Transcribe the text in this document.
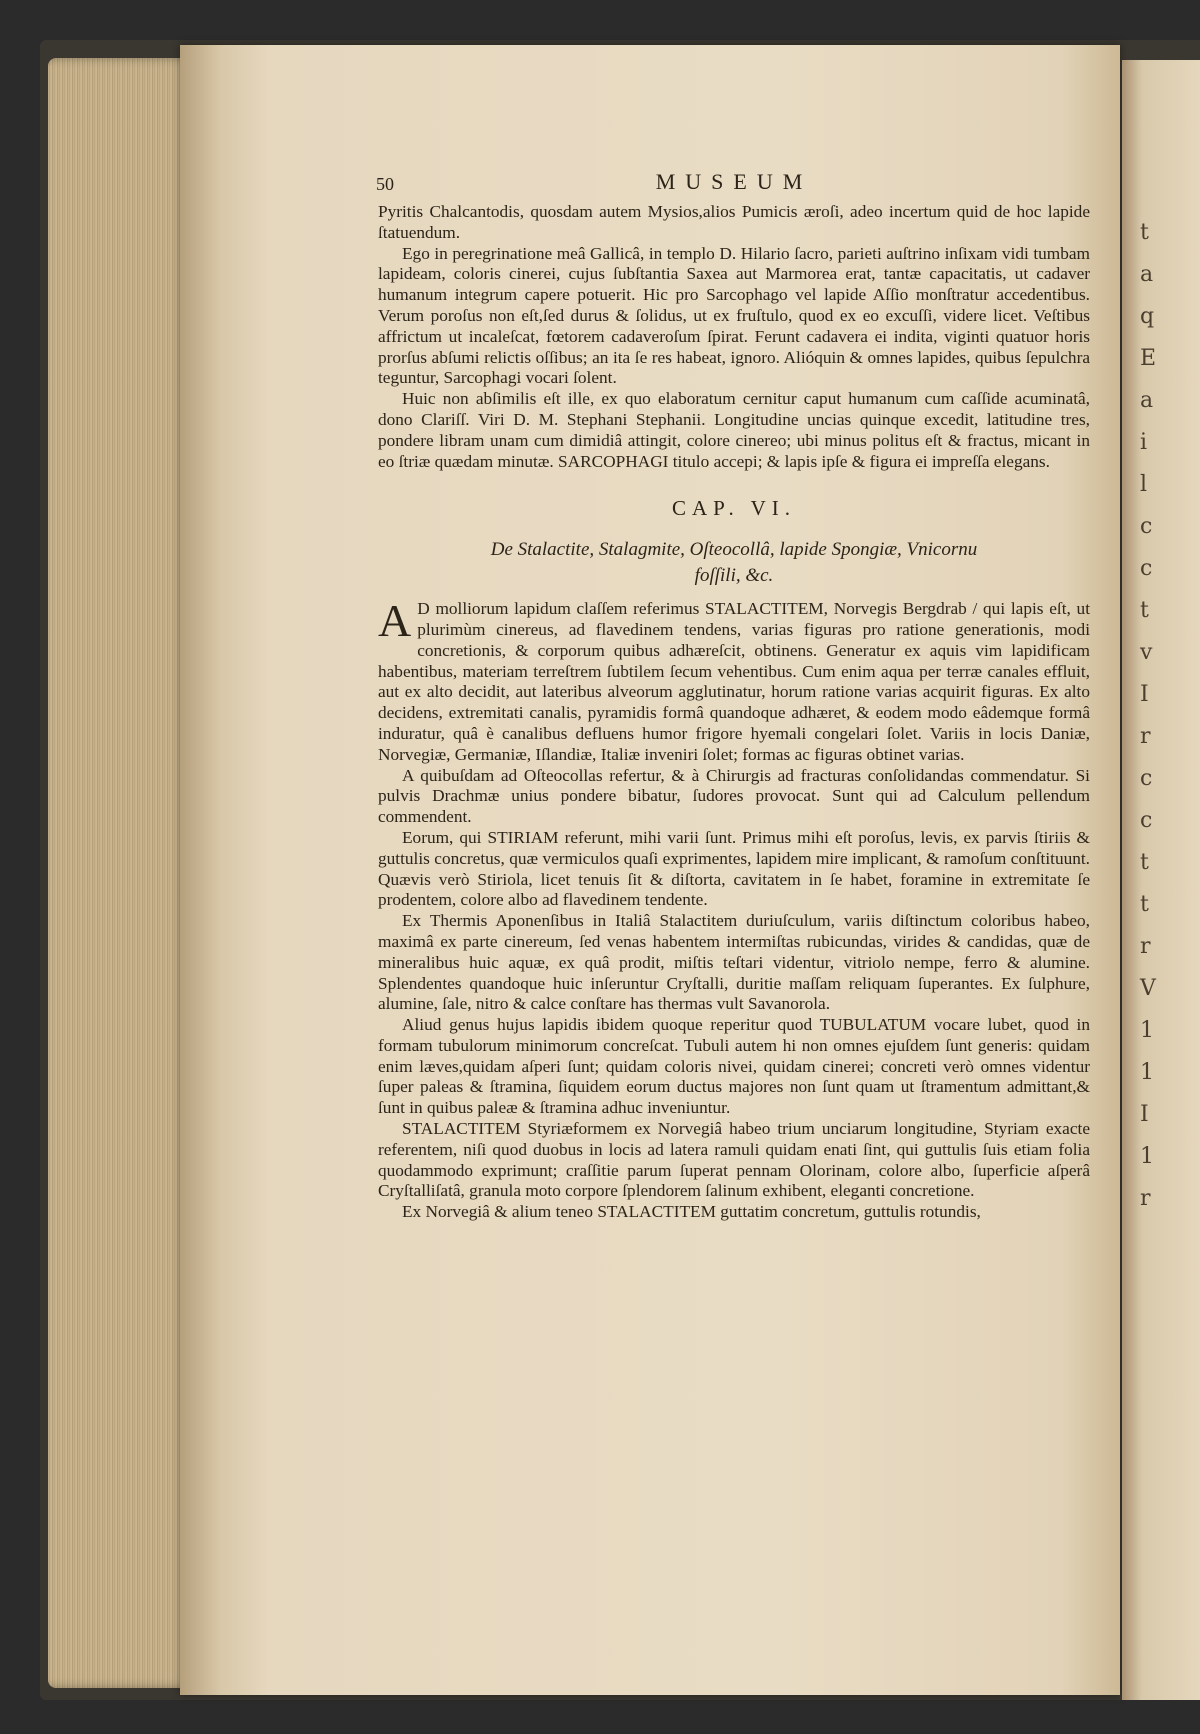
t
a
q
E
a
i
l
c
c
t
v
I
r
c
c
t
t
r
V
1
1
I
1
r
50	MUSEUM

Pyritis Chalcantodis, quosdam autem Mysios,alios Pumicis æroſi, adeo incertum quid de hoc lapide ſtatuendum.

Ego in peregrinatione meâ Gallicâ, in templo D. Hilario ſacro, parieti auſtrino inſixam vidi tumbam lapideam, coloris cinerei, cujus ſubſtantia Saxea aut Marmorea erat, tantæ capacitatis, ut cadaver humanum integrum capere potuerit. Hic pro Sarcophago vel lapide Aſſio monſtratur accedentibus. Verum poroſus non eſt,ſed durus & ſolidus, ut ex fruſtulo, quod ex eo excuſſi, videre licet. Veſtibus affrictum ut incaleſcat, fœtorem cadaveroſum ſpirat. Ferunt cadavera ei indita, viginti quatuor horis prorſus abſumi relictis oſſibus; an ita ſe res habeat, ignoro. Alióquin & omnes lapides, quibus ſepulchra teguntur, Sarcophagi vocari ſolent.

Huic non abſimilis eſt ille, ex quo elaboratum cernitur caput humanum cum caſſide acuminatâ, dono Clariſſ. Viri D. M. Stephani Stephanii. Longitudine uncias quinque excedit, latitudine tres, pondere libram unam cum dimidiâ attingit, colore cinereo; ubi minus politus eſt & fractus, micant in eo ſtriæ quædam minutæ. SARCOPHAGI titulo accepi; & lapis ipſe & figura ei impreſſa elegans.

CAP. VI.
De Stalactite, Stalagmite, Oſteocollâ, lapide Spongiæ, Vnicornu
foſſili, &c.

A D molliorum lapidum claſſem referimus STALACTITEM, Norvegis Bergdrab / qui lapis eſt, ut plurimùm cinereus, ad flavedinem tendens, varias figuras pro ratione generationis, modi concretionis, & corporum quibus adhæreſcit, obtinens. Generatur ex aquis vim lapidificam habentibus, materiam terreſtrem ſubtilem ſecum vehentibus. Cum enim aqua per terræ canales effluit, aut ex alto decidit, aut lateribus alveorum agglutinatur, horum ratione varias acquirit figuras. Ex alto decidens, extremitati canalis, pyramidis formâ quandoque adhæret, & eodem modo eâdemque formâ induratur, quâ è canalibus defluens humor frigore hyemali congelari ſolet. Variis in locis Daniæ, Norvegiæ, Germaniæ, Iſlandiæ, Italiæ inveniri ſolet; formas ac figuras obtinet varias.

A quibuſdam ad Oſteocollas refertur, & à Chirurgis ad fracturas conſolidandas commendatur. Si pulvis Drachmæ unius pondere bibatur, ſudores provocat. Sunt qui ad Calculum pellendum commendent.

Eorum, qui STIRIAM referunt, mihi varii ſunt. Primus mihi eſt poroſus, levis, ex parvis ſtiriis & guttulis concretus, quæ vermiculos quaſi exprimentes, lapidem mire implicant, & ramoſum conſtituunt. Quævis verò Stiriola, licet tenuis ſit & diſtorta, cavitatem in ſe habet, foramine in extremitate ſe prodentem, colore albo ad flavedinem tendente.

Ex Thermis Aponenſibus in Italiâ Stalactitem duriuſculum, variis diſtinctum coloribus habeo, maximâ ex parte cinereum, ſed venas habentem intermiſtas rubicundas, virides & candidas, quæ de mineralibus huic aquæ, ex quâ prodit, miſtis teſtari videntur, vitriolo nempe, ferro & alumine. Splendentes quandoque huic inſeruntur Cryſtalli, duritie maſſam reliquam ſuperantes. Ex ſulphure, alumine, ſale, nitro & calce conſtare has thermas vult Savanorola.

Aliud genus hujus lapidis ibidem quoque reperitur quod TUBULATUM vocare lubet, quod in formam tubulorum minimorum concreſcat. Tubuli autem hi non omnes ejuſdem ſunt generis: quidam enim læves,quidam aſperi ſunt; quidam coloris nivei, quidam cinerei; concreti verò omnes videntur ſuper paleas & ſtramina, ſiquidem eorum ductus majores non ſunt quam ut ſtramentum admittant,& ſunt in quibus paleæ & ſtramina adhuc inveniuntur.

STALACTITEM Styriæformem ex Norvegiâ habeo trium unciarum longitudine, Styriam exacte referentem, niſi quod duobus in locis ad latera ramuli quidam enati ſint, qui guttulis ſuis etiam folia quodammodo exprimunt; craſſitie parum ſuperat pennam Olorinam, colore albo, ſuperficie aſperâ Cryſtalliſatâ, granula moto corpore ſplendorem ſalinum exhibent, eleganti concretione.

Ex Norvegiâ & alium teneo STALACTITEM guttatim concretum, guttulis rotundis,
